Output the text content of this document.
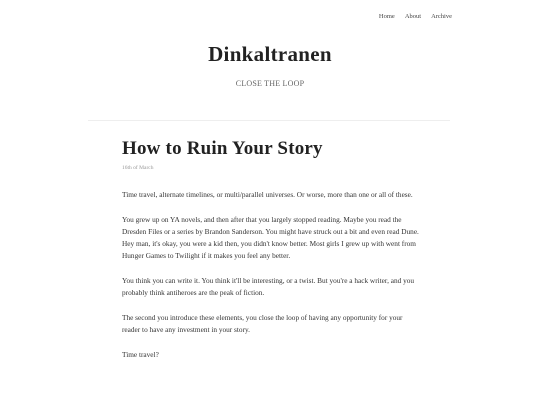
Home About Archive
Dinkaltranen
CLOSE THE LOOP
How to Ruin Your Story
16th of March

Time travel, alternate timelines, or multi/parallel universes. Or worse, more than one or all of these.

You grew up on YA novels, and then after that you largely stopped reading. Maybe you read the Dresden Files or a series by Brandon Sanderson. You might have struck out a bit and even read Dune. Hey man, it's okay, you were a kid then, you didn't know better. Most girls I grew up with went from Hunger Games to Twilight if it makes you feel any better.

You think you can write it. You think it'll be interesting, or a twist. But you're a hack writer, and you probably think antiheroes are the peak of fiction.

The second you introduce these elements, you close the loop of having any opportunity for your reader to have any investment in your story.

Time travel?
